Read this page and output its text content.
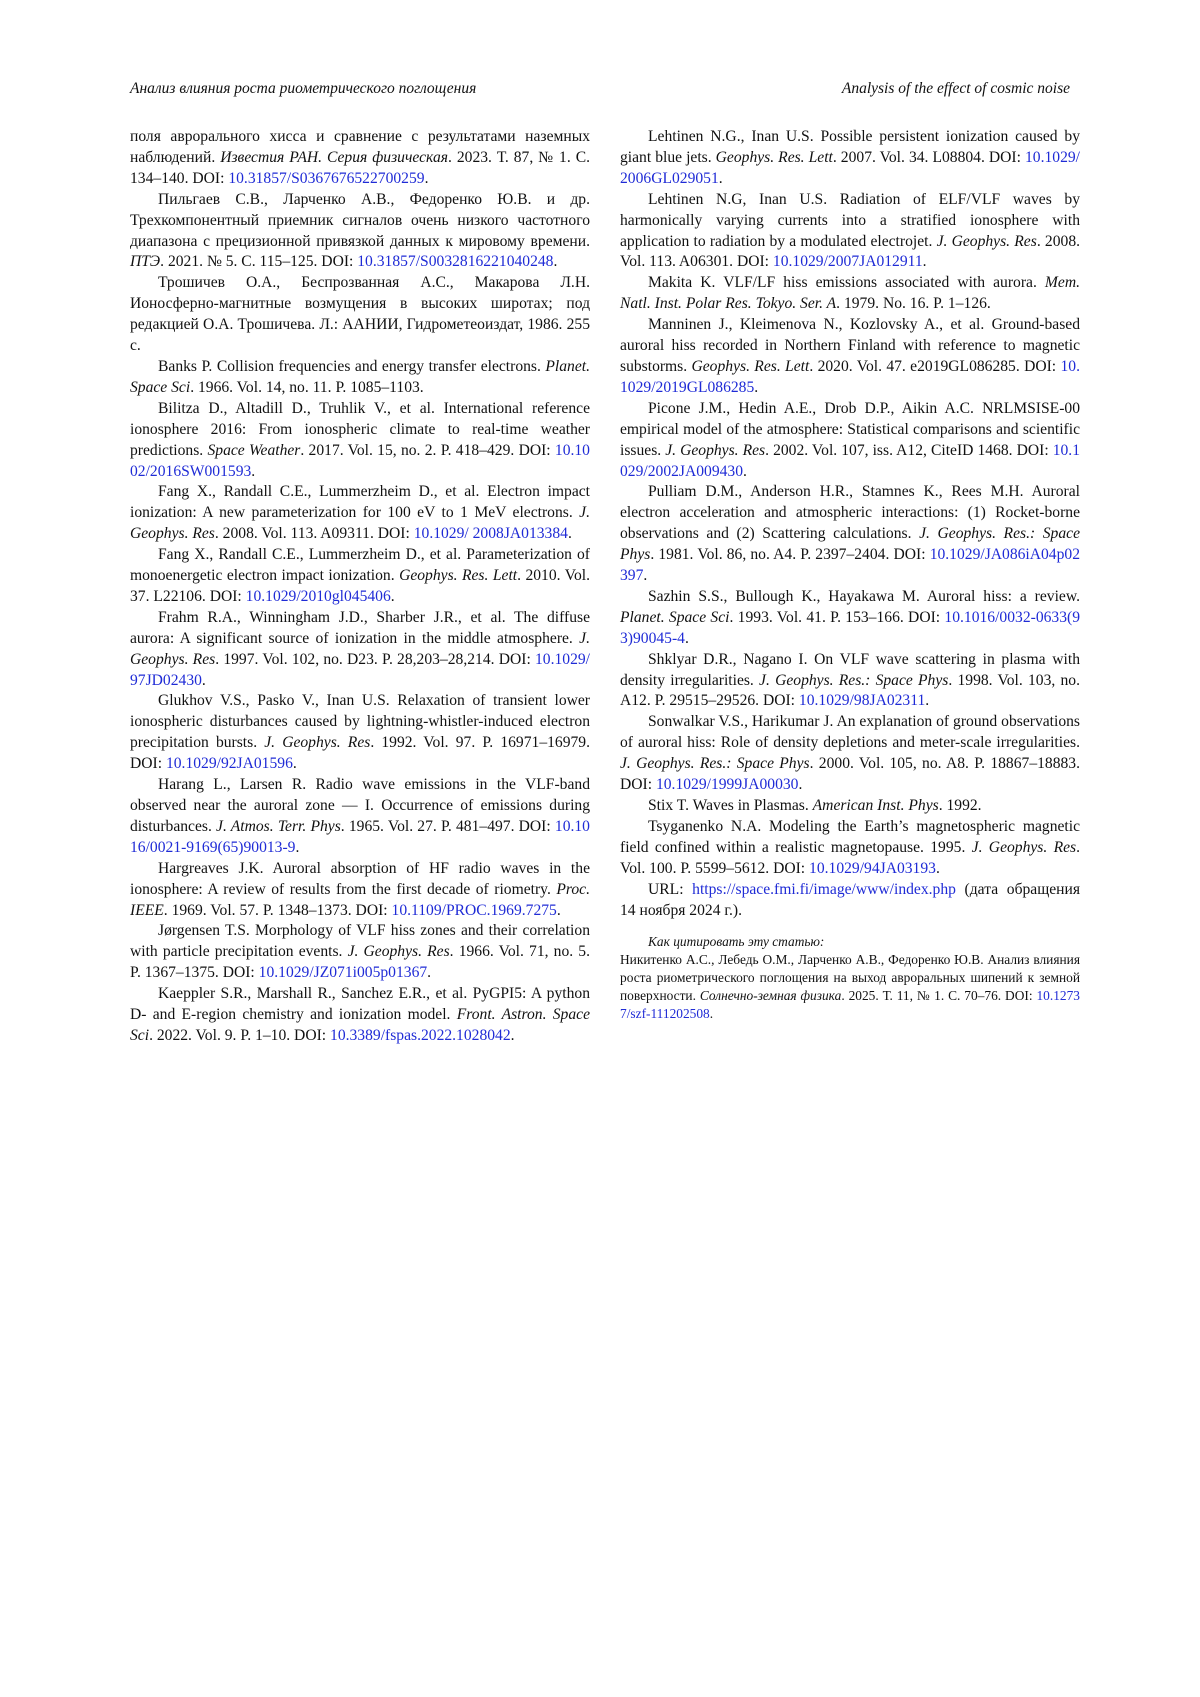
Анализ влияния роста риометрического поглощения	Analysis of the effect of cosmic noise

поля аврорального хисса и сравнение с результатами наземных наблюдений. Известия РАН. Серия физическая. 2023. Т. 87, № 1. С. 134–140. DOI: 10.31857/S0367676522700259.

Пильгаев С.В., Ларченко А.В., Федоренко Ю.В. и др. Трехкомпонентный приемник сигналов очень низкого частотного диапазона с прецизионной привязкой данных к мировому времени. ПТЭ. 2021. № 5. С. 115–125. DOI: 10.31857/S0032816221040248.

Трошичев О.А., Беспрозванная А.С., Макарова Л.Н. Ионосферно-магнитные возмущения в высоких широтах; под редакцией О.А. Трошичева. Л.: ААНИИ, Гидрометеоиздат, 1986. 255 с.

Banks P. Collision frequencies and energy transfer electrons. Planet. Space Sci. 1966. Vol. 14, no. 11. P. 1085–1103.

Bilitza D., Altadill D., Truhlik V., et al. International reference ionosphere 2016: From ionospheric climate to real-time weather predictions. Space Weather. 2017. Vol. 15, no. 2. P. 418–429. DOI: 10.1002/2016SW001593.

Fang X., Randall C.E., Lummerzheim D., et al. Electron impact ionization: A new parameterization for 100 eV to 1 MeV electrons. J. Geophys. Res. 2008. Vol. 113. A09311. DOI: 10.1029/ 2008JA013384.

Fang X., Randall C.E., Lummerzheim D., et al. Parameterization of monoenergetic electron impact ionization. Geophys. Res. Lett. 2010. Vol. 37. L22106. DOI: 10.1029/2010gl045406.

Frahm R.A., Winningham J.D., Sharber J.R., et al. The diffuse aurora: A significant source of ionization in the middle atmosphere. J. Geophys. Res. 1997. Vol. 102, no. D23. P. 28,203–28,214. DOI: 10.1029/97JD02430.

Glukhov V.S., Pasko V., Inan U.S. Relaxation of transient lower ionospheric disturbances caused by lightning-whistler-induced electron precipitation bursts. J. Geophys. Res. 1992. Vol. 97. P. 16971–16979. DOI: 10.1029/92JA01596.

Harang L., Larsen R. Radio wave emissions in the VLF-band observed near the auroral zone — I. Occurrence of emissions during disturbances. J. Atmos. Terr. Phys. 1965. Vol. 27. P. 481–497. DOI: 10.1016/0021-9169(65)90013-9.

Hargreaves J.K. Auroral absorption of HF radio waves in the ionosphere: A review of results from the first decade of riometry. Proc. IEEE. 1969. Vol. 57. P. 1348–1373. DOI: 10.1109/PROC.1969.7275.

Jørgensen T.S. Morphology of VLF hiss zones and their correlation with particle precipitation events. J. Geophys. Res. 1966. Vol. 71, no. 5. P. 1367–1375. DOI: 10.1029/JZ071i005p01367.

Kaeppler S.R., Marshall R., Sanchez E.R., et al. PyGPI5: A python D- and E-region chemistry and ionization model. Front. Astron. Space Sci. 2022. Vol. 9. P. 1–10. DOI: 10.3389/fspas.2022.1028042.

Lehtinen N.G., Inan U.S. Possible persistent ionization caused by giant blue jets. Geophys. Res. Lett. 2007. Vol. 34. L08804. DOI: 10.1029/2006GL029051.

Lehtinen N.G, Inan U.S. Radiation of ELF/VLF waves by harmonically varying currents into a stratified ionosphere with application to radiation by a modulated electrojet. J. Geophys. Res. 2008. Vol. 113. A06301. DOI: 10.1029/2007JA012911.

Makita K. VLF/LF hiss emissions associated with aurora. Mem. Natl. Inst. Polar Res. Tokyo. Ser. A. 1979. No. 16. P. 1–126.

Manninen J., Kleimenova N., Kozlovsky A., et al. Ground-based auroral hiss recorded in Northern Finland with reference to magnetic substorms. Geophys. Res. Lett. 2020. Vol. 47. e2019GL086285. DOI: 10.1029/2019GL086285.

Picone J.M., Hedin A.E., Drob D.P., Aikin A.C. NRLMSISE-00 empirical model of the atmosphere: Statistical comparisons and scientific issues. J. Geophys. Res. 2002. Vol. 107, iss. A12, CiteID 1468. DOI: 10.1029/2002JA009430.

Pulliam D.M., Anderson H.R., Stamnes K., Rees M.H. Auroral electron acceleration and atmospheric interactions: (1) Rocket-borne observations and (2) Scattering calculations. J. Geophys. Res.: Space Phys. 1981. Vol. 86, no. A4. P. 2397–2404. DOI: 10.1029/JA086iA04p02397.

Sazhin S.S., Bullough K., Hayakawa M. Auroral hiss: a review. Planet. Space Sci. 1993. Vol. 41. P. 153–166. DOI: 10.1016/0032-0633(93)90045-4.

Shklyar D.R., Nagano I. On VLF wave scattering in plasma with density irregularities. J. Geophys. Res.: Space Phys. 1998. Vol. 103, no. A12. P. 29515–29526. DOI: 10.1029/98JA02311.

Sonwalkar V.S., Harikumar J. An explanation of ground observations of auroral hiss: Role of density depletions and meter-scale irregularities. J. Geophys. Res.: Space Phys. 2000. Vol. 105, no. A8. P. 18867–18883. DOI: 10.1029/1999JA00030.

Stix T. Waves in Plasmas. American Inst. Phys. 1992.

Tsyganenko N.A. Modeling the Earth’s magnetospheric magnetic field confined within a realistic magnetopause. 1995. J. Geophys. Res. Vol. 100. P. 5599–5612. DOI: 10.1029/94JA03193.

URL: https://space.fmi.fi/image/www/index.php (дата обращения 14 ноября 2024 г.).

Как цитировать эту статью:

Никитенко А.С., Лебедь О.М., Ларченко А.В., Федоренко Ю.В. Анализ влияния роста риометрического поглощения на выход авроральных шипений к земной поверхности. Солнечно-земная физика. 2025. Т. 11, № 1. С. 70–76. DOI: 10.12737/szf-111202508.
